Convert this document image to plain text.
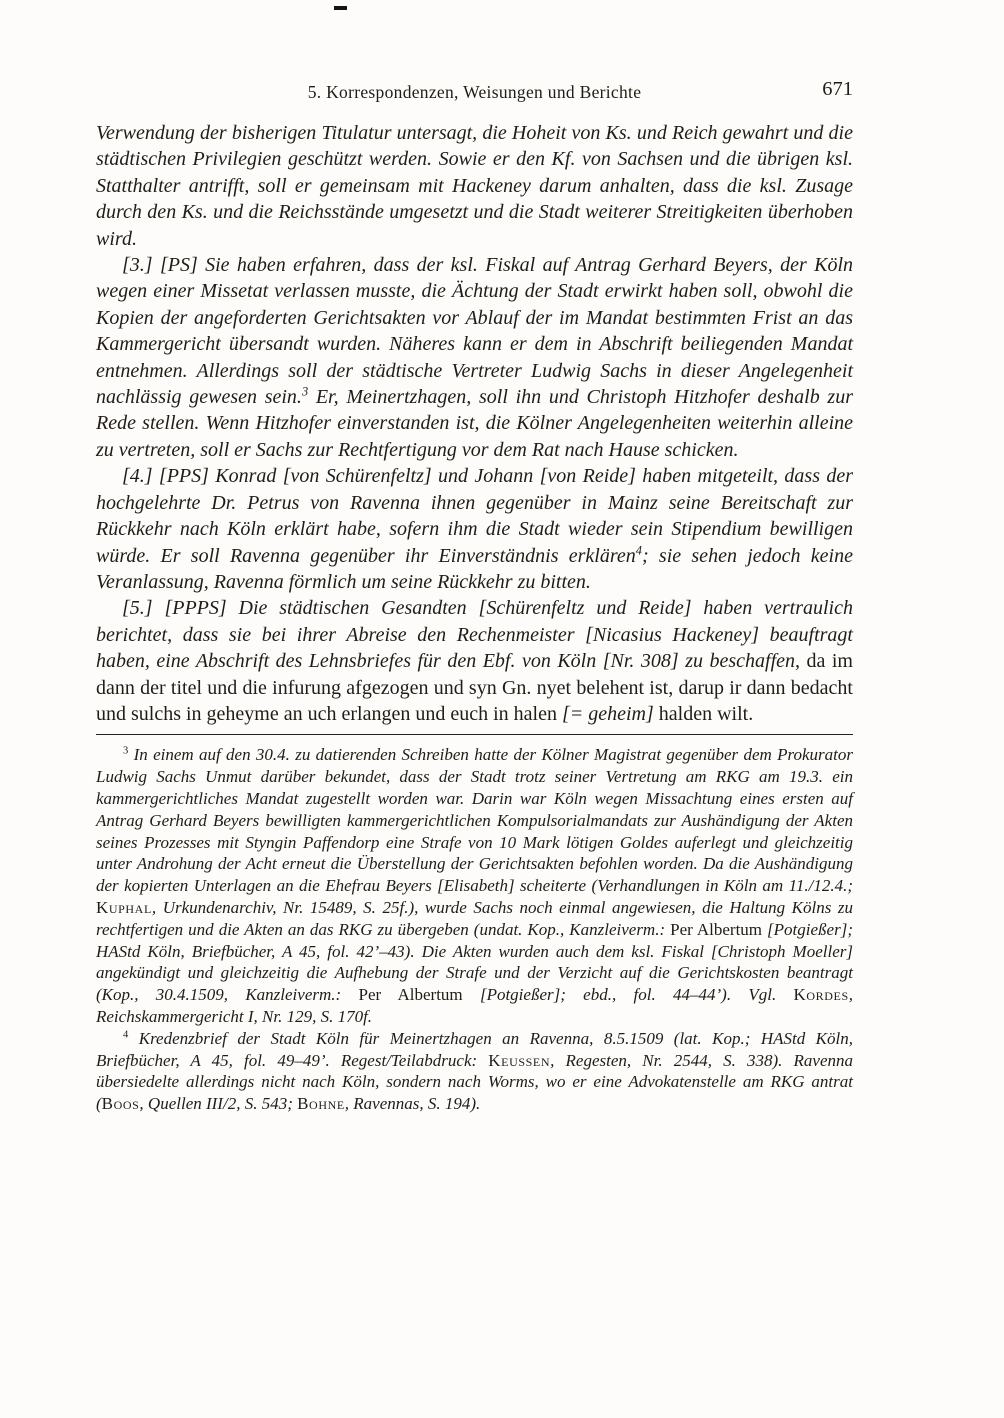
5. Korrespondenzen, Weisungen und Berichte	671

Verwendung der bisherigen Titulatur untersagt, die Hoheit von Ks. und Reich gewahrt und die städtischen Privilegien geschützt werden. Sowie er den Kf. von Sachsen und die übrigen ksl. Statthalter antrifft, soll er gemeinsam mit Hackeney darum anhalten, dass die ksl. Zusage durch den Ks. und die Reichsstände umgesetzt und die Stadt weiterer Streitigkeiten überhoben wird.

[3.] [PS] Sie haben erfahren, dass der ksl. Fiskal auf Antrag Gerhard Beyers, der Köln wegen einer Missetat verlassen musste, die Ächtung der Stadt erwirkt haben soll, obwohl die Kopien der angeforderten Gerichtsakten vor Ablauf der im Mandat bestimmten Frist an das Kammergericht übersandt wurden. Näheres kann er dem in Abschrift beiliegenden Mandat entnehmen. Allerdings soll der städtische Vertreter Ludwig Sachs in dieser Angelegenheit nachlässig gewesen sein.$^3$ Er, Meinertzhagen, soll ihn und Christoph Hitzhofer deshalb zur Rede stellen. Wenn Hitzhofer einverstanden ist, die Kölner Angelegenheiten weiterhin alleine zu vertreten, soll er Sachs zur Rechtfertigung vor dem Rat nach Hause schicken.

[4.] [PPS] Konrad [von Schürenfeltz] und Johann [von Reide] haben mitgeteilt, dass der hochgelehrte Dr. Petrus von Ravenna ihnen gegenüber in Mainz seine Bereitschaft zur Rückkehr nach Köln erklärt habe, sofern ihm die Stadt wieder sein Stipendium bewilligen würde. Er soll Ravenna gegenüber ihr Einverständnis erklären$^4$; sie sehen jedoch keine Veranlassung, Ravenna förmlich um seine Rückkehr zu bitten.

[5.] [PPPS] Die städtischen Gesandten [Schürenfeltz und Reide] haben vertraulich berichtet, dass sie bei ihrer Abreise den Rechenmeister [Nicasius Hackeney] beauftragt haben, eine Abschrift des Lehnsbriefes für den Ebf. von Köln [Nr. 308] zu beschaffen, da im dann der titel und die infurung afgezogen und syn Gn. nyet belehent ist, darup ir dann bedacht und sulchs in geheyme an uch erlangen und euch in halen [= geheim] halden wilt.

$^3$ In einem auf den 30.4. zu datierenden Schreiben hatte der Kölner Magistrat gegenüber dem Prokurator Ludwig Sachs Unmut darüber bekundet, dass der Stadt trotz seiner Vertretung am RKG am 19.3. ein kammergerichtliches Mandat zugestellt worden war. Darin war Köln wegen Missachtung eines ersten auf Antrag Gerhard Beyers bewilligten kammergerichtlichen Kompulsorialmandats zur Aushändigung der Akten seines Prozesses mit Styngin Paffendorp eine Strafe von 10 Mark lötigen Goldes auferlegt und gleichzeitig unter Androhung der Acht erneut die Überstellung der Gerichtsakten befohlen worden. Da die Aushändigung der kopierten Unterlagen an die Ehefrau Beyers [Elisabeth] scheiterte (Verhandlungen in Köln am 11./12.4.; Kuphal, Urkundenarchiv, Nr. 15489, S. 25f.), wurde Sachs noch einmal angewiesen, die Haltung Kölns zu rechtfertigen und die Akten an das RKG zu übergeben (undat. Kop., Kanzleiverm.: Per Albertum [Potgießer]; HAStd Köln, Briefbücher, A 45, fol. 42’–43). Die Akten wurden auch dem ksl. Fiskal [Christoph Moeller] angekündigt und gleichzeitig die Aufhebung der Strafe und der Verzicht auf die Gerichtskosten beantragt (Kop., 30.4.1509, Kanzleiverm.: Per Albertum [Potgießer]; ebd., fol. 44–44’). Vgl. Kordes, Reichskammergericht I, Nr. 129, S. 170f.

$^4$ Kredenzbrief der Stadt Köln für Meinertzhagen an Ravenna, 8.5.1509 (lat. Kop.; HAStd Köln, Briefbücher, A 45, fol. 49–49’. Regest/Teilabdruck: Keussen, Regesten, Nr. 2544, S. 338). Ravenna übersiedelte allerdings nicht nach Köln, sondern nach Worms, wo er eine Advokatenstelle am RKG antrat (Boos, Quellen III/2, S. 543; Bohne, Ravennas, S. 194).
